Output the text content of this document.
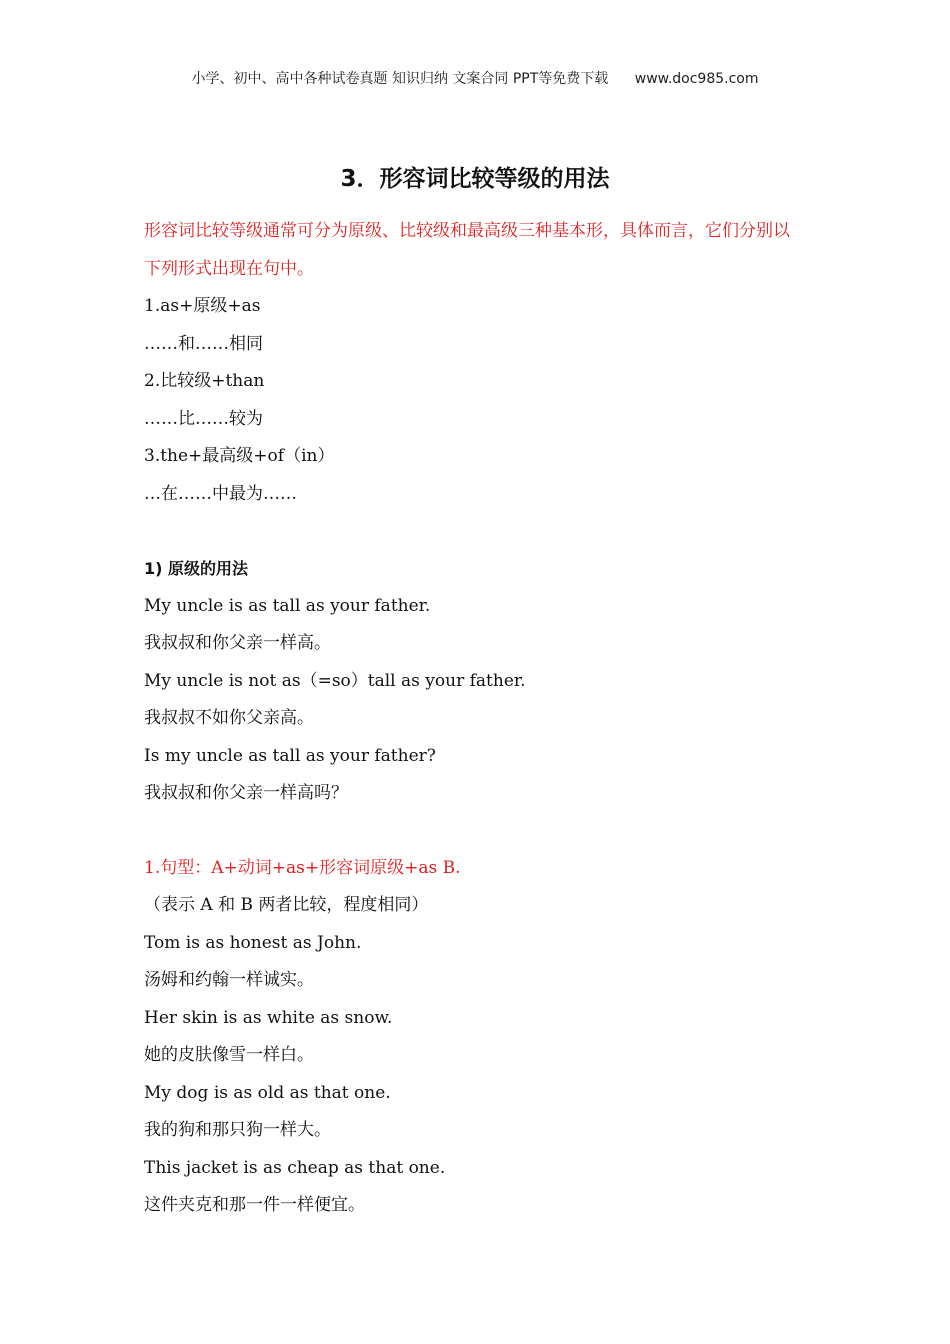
小学、初中、高中各种试卷真题 知识归纳 文案合同 PPT等免费下载 www.doc985.com
3．形容词比较等级的用法
形容词比较等级通常可分为原级、比较级和最高级三种基本形，具体而言，它们分别以下列形式出现在句中。
1.as+原级+as
……和……相同
2.比较级+than
……比……较为
3.the+最高级+of（in）
…在……中最为……
1) 原级的用法
My uncle is as tall as your father.
我叔叔和你父亲一样高。
My uncle is not as（=so）tall as your father.
我叔叔不如你父亲高。
Is my uncle as tall as your father?
我叔叔和你父亲一样高吗？
1.句型：A+动词+as+形容词原级+as B.
（表示 A 和 B 两者比较，程度相同）
Tom is as honest as John.
汤姆和约翰一样诚实。
Her skin is as white as snow.
她的皮肤像雪一样白。
My dog is as old as that one.
我的狗和那只狗一样大。
This jacket is as cheap as that one.
这件夹克和那一件一样便宜。
